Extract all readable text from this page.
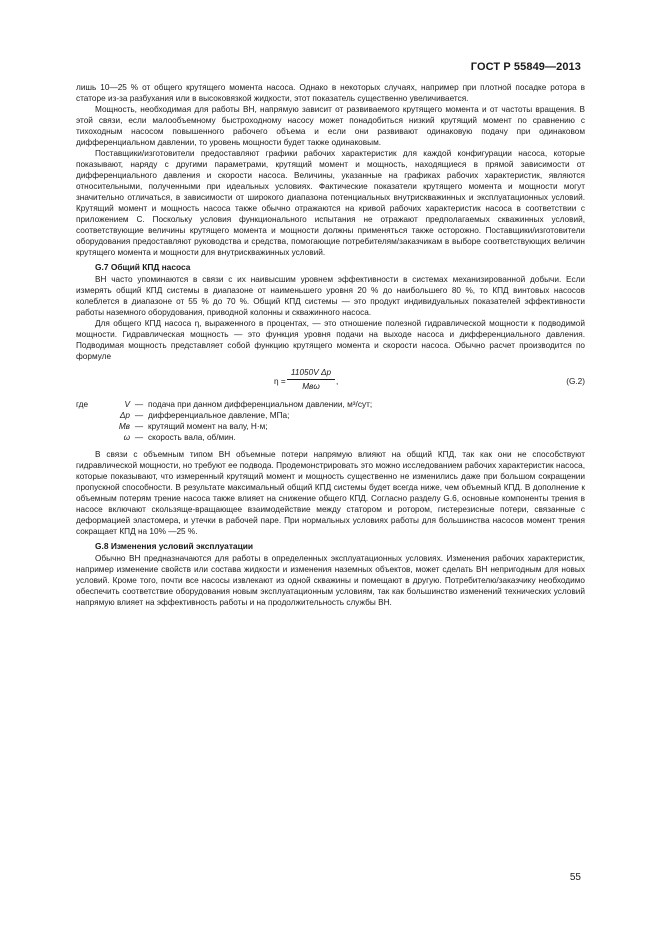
ГОСТ Р 55849—2013

лишь 10—25 % от общего крутящего момента насоса. Однако в некоторых случаях, например при плотной посадке ротора в статоре из-за разбухания или в высоковязкой жидкости, этот показатель существенно увеличивается.

Мощность, необходимая для работы ВН, напрямую зависит от развиваемого крутящего момента и от частоты вращения. В этой связи, если малообъемному быстроходному насосу может понадобиться низкий крутящий момент по сравнению с тихоходным насосом повышенного рабочего объема и если они развивают одинаковую подачу при одинаковом дифференциальном давлении, то уровень мощности будет также одинаковым.

Поставщики/изготовители предоставляют графики рабочих характеристик для каждой конфигурации насоса, которые показывают, наряду с другими параметрами, крутящий момент и мощность, находящиеся в прямой зависимости от дифференциального давления и скорости насоса. Величины, указанные на графиках рабочих характеристик, являются относительными, полученными при идеальных условиях. Фактические показатели крутящего момента и мощности могут значительно отличаться, в зависимости от широкого диапазона потенциальных внутрискважинных и эксплуатационных условий. Крутящий момент и мощность насоса также обычно отражаются на кривой рабочих характеристик насоса в соответствии с приложением С. Поскольку условия функционального испытания не отражают предполагаемых скважинных условий, соответствующие величины крутящего момента и мощности должны применяться также осторожно. Поставщики/изготовители оборудования предоставляют руководства и средства, помогающие потребителям/заказчикам в выборе соответствующих величин крутящего момента и мощности для внутрискважинных условий.

G.7 Общий КПД насоса

ВН часто упоминаются в связи с их наивысшим уровнем эффективности в системах механизированной добычи. Если измерять общий КПД системы в диапазоне от наименьшего уровня 20 % до наибольшего 80 %, то КПД винтовых насосов колеблется в диапазоне от 55 % до 70 %. Общий КПД системы — это продукт индивидуальных показателей эффективности работы наземного оборудования, приводной колонны и скважинного насоса.

Для общего КПД насоса η, выраженного в процентах, — это отношение полезной гидравлической мощности к подводимой мощности. Гидравлическая мощность — это функция уровня подачи на выходе насоса и дифференциального давления. Подводимая мощность представляет собой функцию крутящего момента и скорости насоса. Обычно расчет производится по формуле

η =
11050V Δp
Mвω
,	(G.2)
где	V — подача при данном дифференциальном давлении, м³/сут;
Δp — дифференциальное давление, МПа;
Mв — крутящий момент на валу, Н·м;
ω — скорость вала, об/мин.

В связи с объемным типом ВН объемные потери напрямую влияют на общий КПД, так как они не способствуют гидравлической мощности, но требуют ее подвода. Продемонстрировать это можно исследованием рабочих характеристик насоса, которые показывают, что измеренный крутящий момент и мощность существенно не изменились даже при большом сокращении пропускной способности. В результате максимальный общий КПД системы будет всегда ниже, чем объемный КПД. В дополнение к объемным потерям трение насоса также влияет на снижение общего КПД. Согласно разделу G.6, основные компоненты трения в насосе включают скользяще-вращающее взаимодействие между статором и ротором, гистерезисные потери, связанные с деформацией эластомера, и утечки в рабочей паре. При нормальных условиях работы для большинства насосов момент трения сокращает КПД на 10% —25 %.

G.8 Изменения условий эксплуатации

Обычно ВН предназначаются для работы в определенных эксплуатационных условиях. Изменения рабочих характеристик, например изменение свойств или состава жидкости и изменения наземных объектов, может сделать ВН непригодным для новых условий. Кроме того, почти все насосы извлекают из одной скважины и помещают в другую. Потребителю/заказчику необходимо обеспечить соответствие оборудования новым эксплуатационным условиям, так как большинство изменений технических условий напрямую влияет на эффективность работы и на продолжительность службы ВН.

55
